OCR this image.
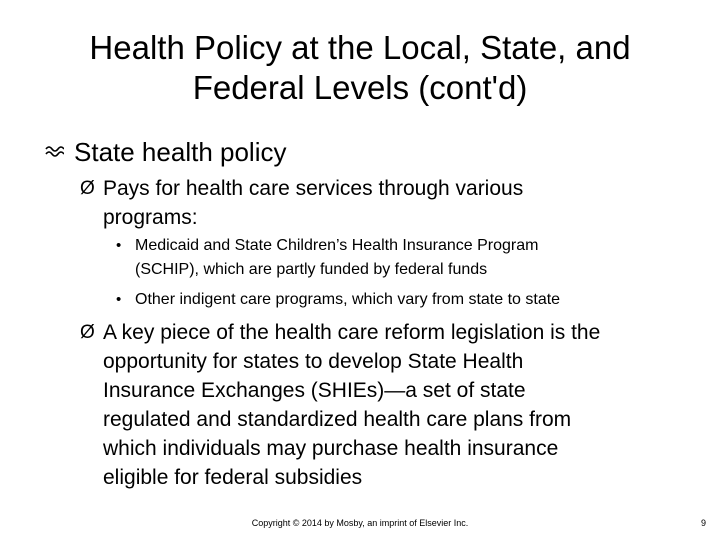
Health Policy at the Local, State, and
Federal Levels (cont'd)
State health policy
Ø Pays for health care services through various
programs:
• Medicaid and State Children’s Health Insurance Program
(SCHIP), which are partly funded by federal funds
• Other indigent care programs, which vary from state to state
Ø A key piece of the health care reform legislation is the
opportunity for states to develop State Health
Insurance Exchanges (SHIEs)—a set of state
regulated and standardized health care plans from
which individuals may purchase health insurance
eligible for federal subsidies
Copyright © 2014 by Mosby, an imprint of Elsevier Inc.	9
